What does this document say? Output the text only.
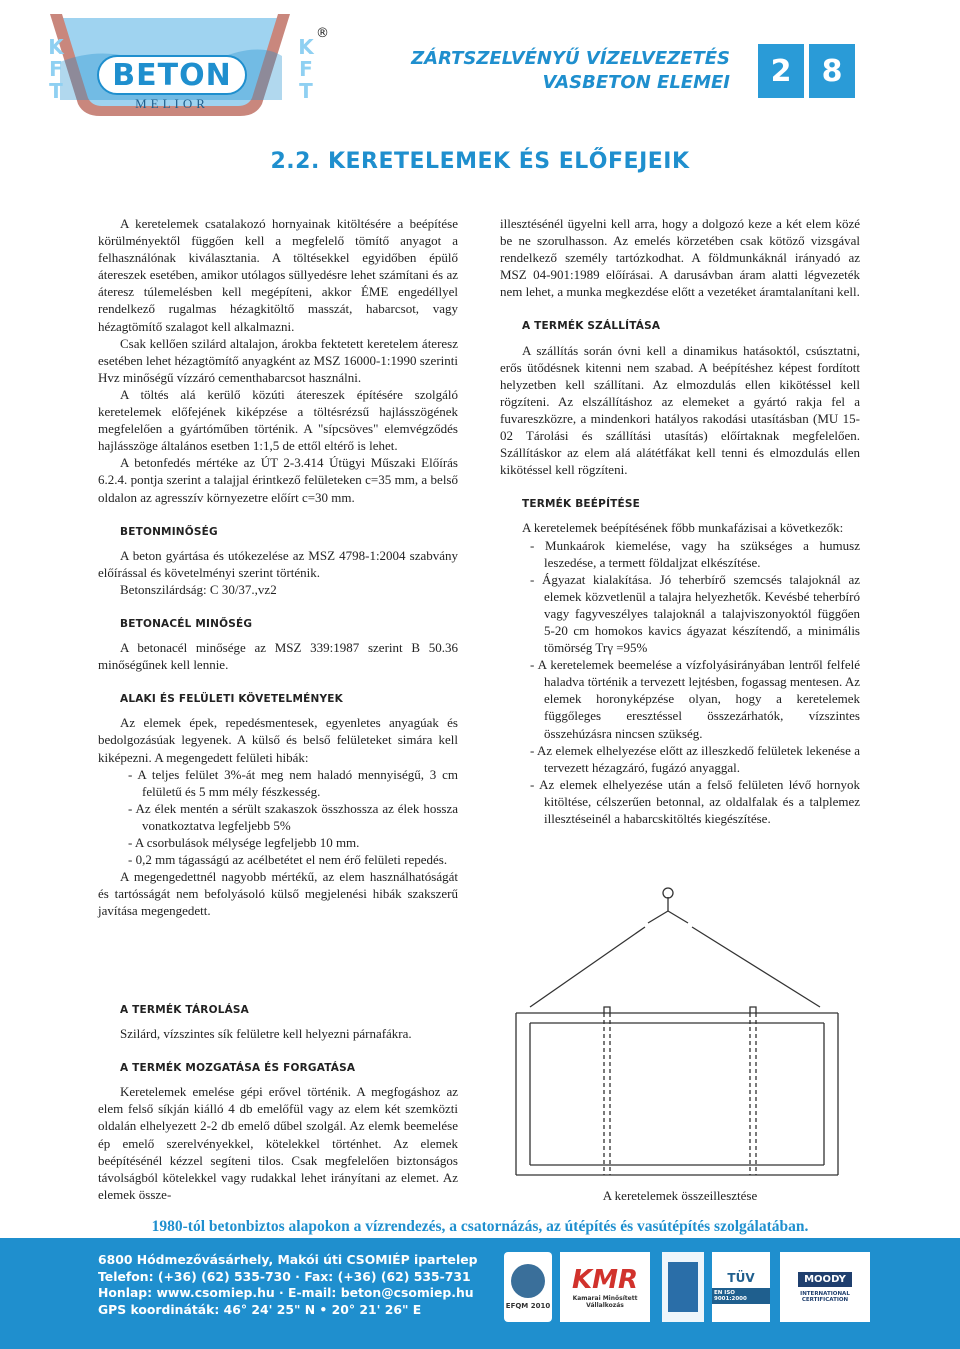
K
F
T
K
F
T
®
BETON
MELIOR
ZÁRTSZELVÉNYŰ VÍZELVEZETÉS
VASBETON ELEMEI	2	8
2.2. KERETELEMEK ÉS ELŐFEJEIK

A keretelemek csatalakozó hornyainak kitöltésére a beépítése körülményektől függően kell a megfelelő tömítő anyagot a felhasználónak kiválasztania. A töltésekkel egyidőben épülő átereszek esetében, amikor utólagos süllyedésre lehet számítani és az áteresz túlemelésben kell megépíteni, akkor ÉME engedéllyel rendelkező rugalmas hézagkitöltő masszát, habarcsot, vagy hézagtömítő szalagot kell alkalmazni.

Csak kellően szilárd altalajon, árokba fektetett keretelem áteresz esetében lehet hézagtömítő anyagként az MSZ 16000-1:1990 szerinti Hvz minőségű vízzáró cementhabarcsot használni.

A töltés alá kerülő közúti átereszek építésére szolgáló keretelemek előfejének kiképzése a töltésrézsű hajlásszögének megfelelően a gyártóműben történik. A "sípcsöves" elemvégződés hajlásszöge általános esetben 1:1,5 de ettől eltérő is lehet.

A betonfedés mértéke az ÚT 2-3.414 Útügyi Műszaki Előírás 6.2.4. pontja szerint a talajjal érintkező felületeken c=35 mm, a belső oldalon az agresszív környezetre előírt c=30 mm.

BETONMINŐSÉG

A beton gyártása és utókezelése az MSZ 4798-1:2004 szabvány előírással és követelményi szerint történik.

Betonszilárdság: C 30/37.,vz2

BETONACÉL MINŐSÉG

A betonacél minősége az MSZ 339:1987 szerint B 50.36 minőségűnek kell lennie.

ALAKI ÉS FELÜLETI KÖVETELMÉNYEK

Az elemek épek, repedésmentesek, egyenletes anyagúak és bedolgozásúak legyenek. A külső és belső felületeket simára kell kiképezni. A megengedett felületi hibák:

- A teljes felület 3%-át meg nem haladó mennyiségű, 3 cm felületű és 5 mm mély fészkesség.

- Az élek mentén a sérült szakaszok összhossza az élek hossza vonatkoztatva legfeljebb 5%

- A csorbulások mélysége legfeljebb 10 mm.

- 0,2 mm tágasságú az acélbetétet el nem érő felületi repedés.

A megengedettnél nagyobb mértékű, az elem használhatóságát és tartósságát nem befolyásoló külső megjelenési hibák szakszerű javítása megengedett.

A TERMÉK TÁROLÁSA

Szilárd, vízszintes sík felületre kell helyezni párnafákra.

A TERMÉK MOZGATÁSA ÉS FORGATÁSA

Keretelemek emelése gépi erővel történik. A megfogáshoz az elem felső síkján kiálló 4 db emelőfül vagy az elem két szemközti oldalán elhelyezett 2-2 db emelő dűbel szolgál. Az elemk beemelése ép emelő szerelvényekkel, kötelekkel történhet. Az elemek beépítésénél kézzel segíteni tilos. Csak megfelelően biztonságos távolságból kötelekkel vagy rudakkal lehet irányítani az elemet. Az elemek össze-

illesztésénél ügyelni kell arra, hogy a dolgozó keze a két elem közé be ne szorulhasson. Az emelés körzetében csak kötöző vizsgával rendelkező személy tartózkodhat. A földmunkáknál irányadó az MSZ 04-901:1989 előírásai. A darusávban áram alatti légvezeték nem lehet, a munka megkezdése előtt a vezetéket áramtalanítani kell.

A TERMÉK SZÁLLÍTÁSA

A szállítás során óvni kell a dinamikus hatásoktól, csúsztatni, erős ütődésnek kitenni nem szabad. A beépítéshez képest fordított helyzetben kell szállítani. Az elmozdulás ellen kikötéssel kell rögzíteni. Az elszállításhoz az elemeket a gyártó rakja fel a fuvareszközre, a mindenkori hatályos rakodási utasításban (MU 15-02 Tárolási és szállítási utasítás) előírtaknak megfelelően. Szállításkor az elem alá alátétfákat kell tenni és elmozdulás ellen kikötéssel kell rögzíteni.

TERMÉK BEÉPÍTÉSE

A keretelemek beépítésének főbb munkafázisai a következők:

- Munkaárok kiemelése, vagy ha szükséges a humusz leszedése, a termett földaljzat elkészítése.

- Ágyazat kialakítása. Jó teherbírő szemcsés talajoknál az elemek közvetlenül a talajra helyezhetők. Kevésbé teherbíró vagy fagyveszélyes talajoknál a talajviszonyoktól függően 5-20 cm homokos kavics ágyazat készítendő, a minimális tömörség Trγ =95%

- A keretelemek beemelése a vízfolyásirányában lentről felfelé haladva történik a tervezett lejtésben, fogassag mentesen. Az elemek horonyképzése olyan, hogy a keretelemek függőleges eresztéssel összezárhatók, vízszintes összehúzásra nincsen szükség.

- Az elemek elhelyezése előtt az illeszkedő felületek lekenése a tervezett hézagzáró, fugázó anyaggal.

- Az elemek elhelyezése után a felső felületen lévő hornyok kitöltése, célszerűen betonnal, az oldalfalak és a talplemez illesztéseinél a habarcskitöltés kiegészítése.

A keretelemek összeillesztése
1980-tól betonbiztos alapokon a vízrendezés, a csatornázás, az útépítés és vasútépítés szolgálatában.
6800 Hódmezővásárhely, Makói úti CSOMIÉP ipartelep
Telefon: (+36) (62) 535-730 · Fax: (+36) (62) 535-731
Honlap: www.csomiep.hu · E-mail: beton@csomiep.hu
GPS koordináták: 46° 24' 25" N • 20° 21' 26" E	EFQM 2010
KMR
Kamarai Minősített Vállalkozás
TÜV
EN ISO 9001:2000
MOODY
INTERNATIONAL CERTIFICATION
